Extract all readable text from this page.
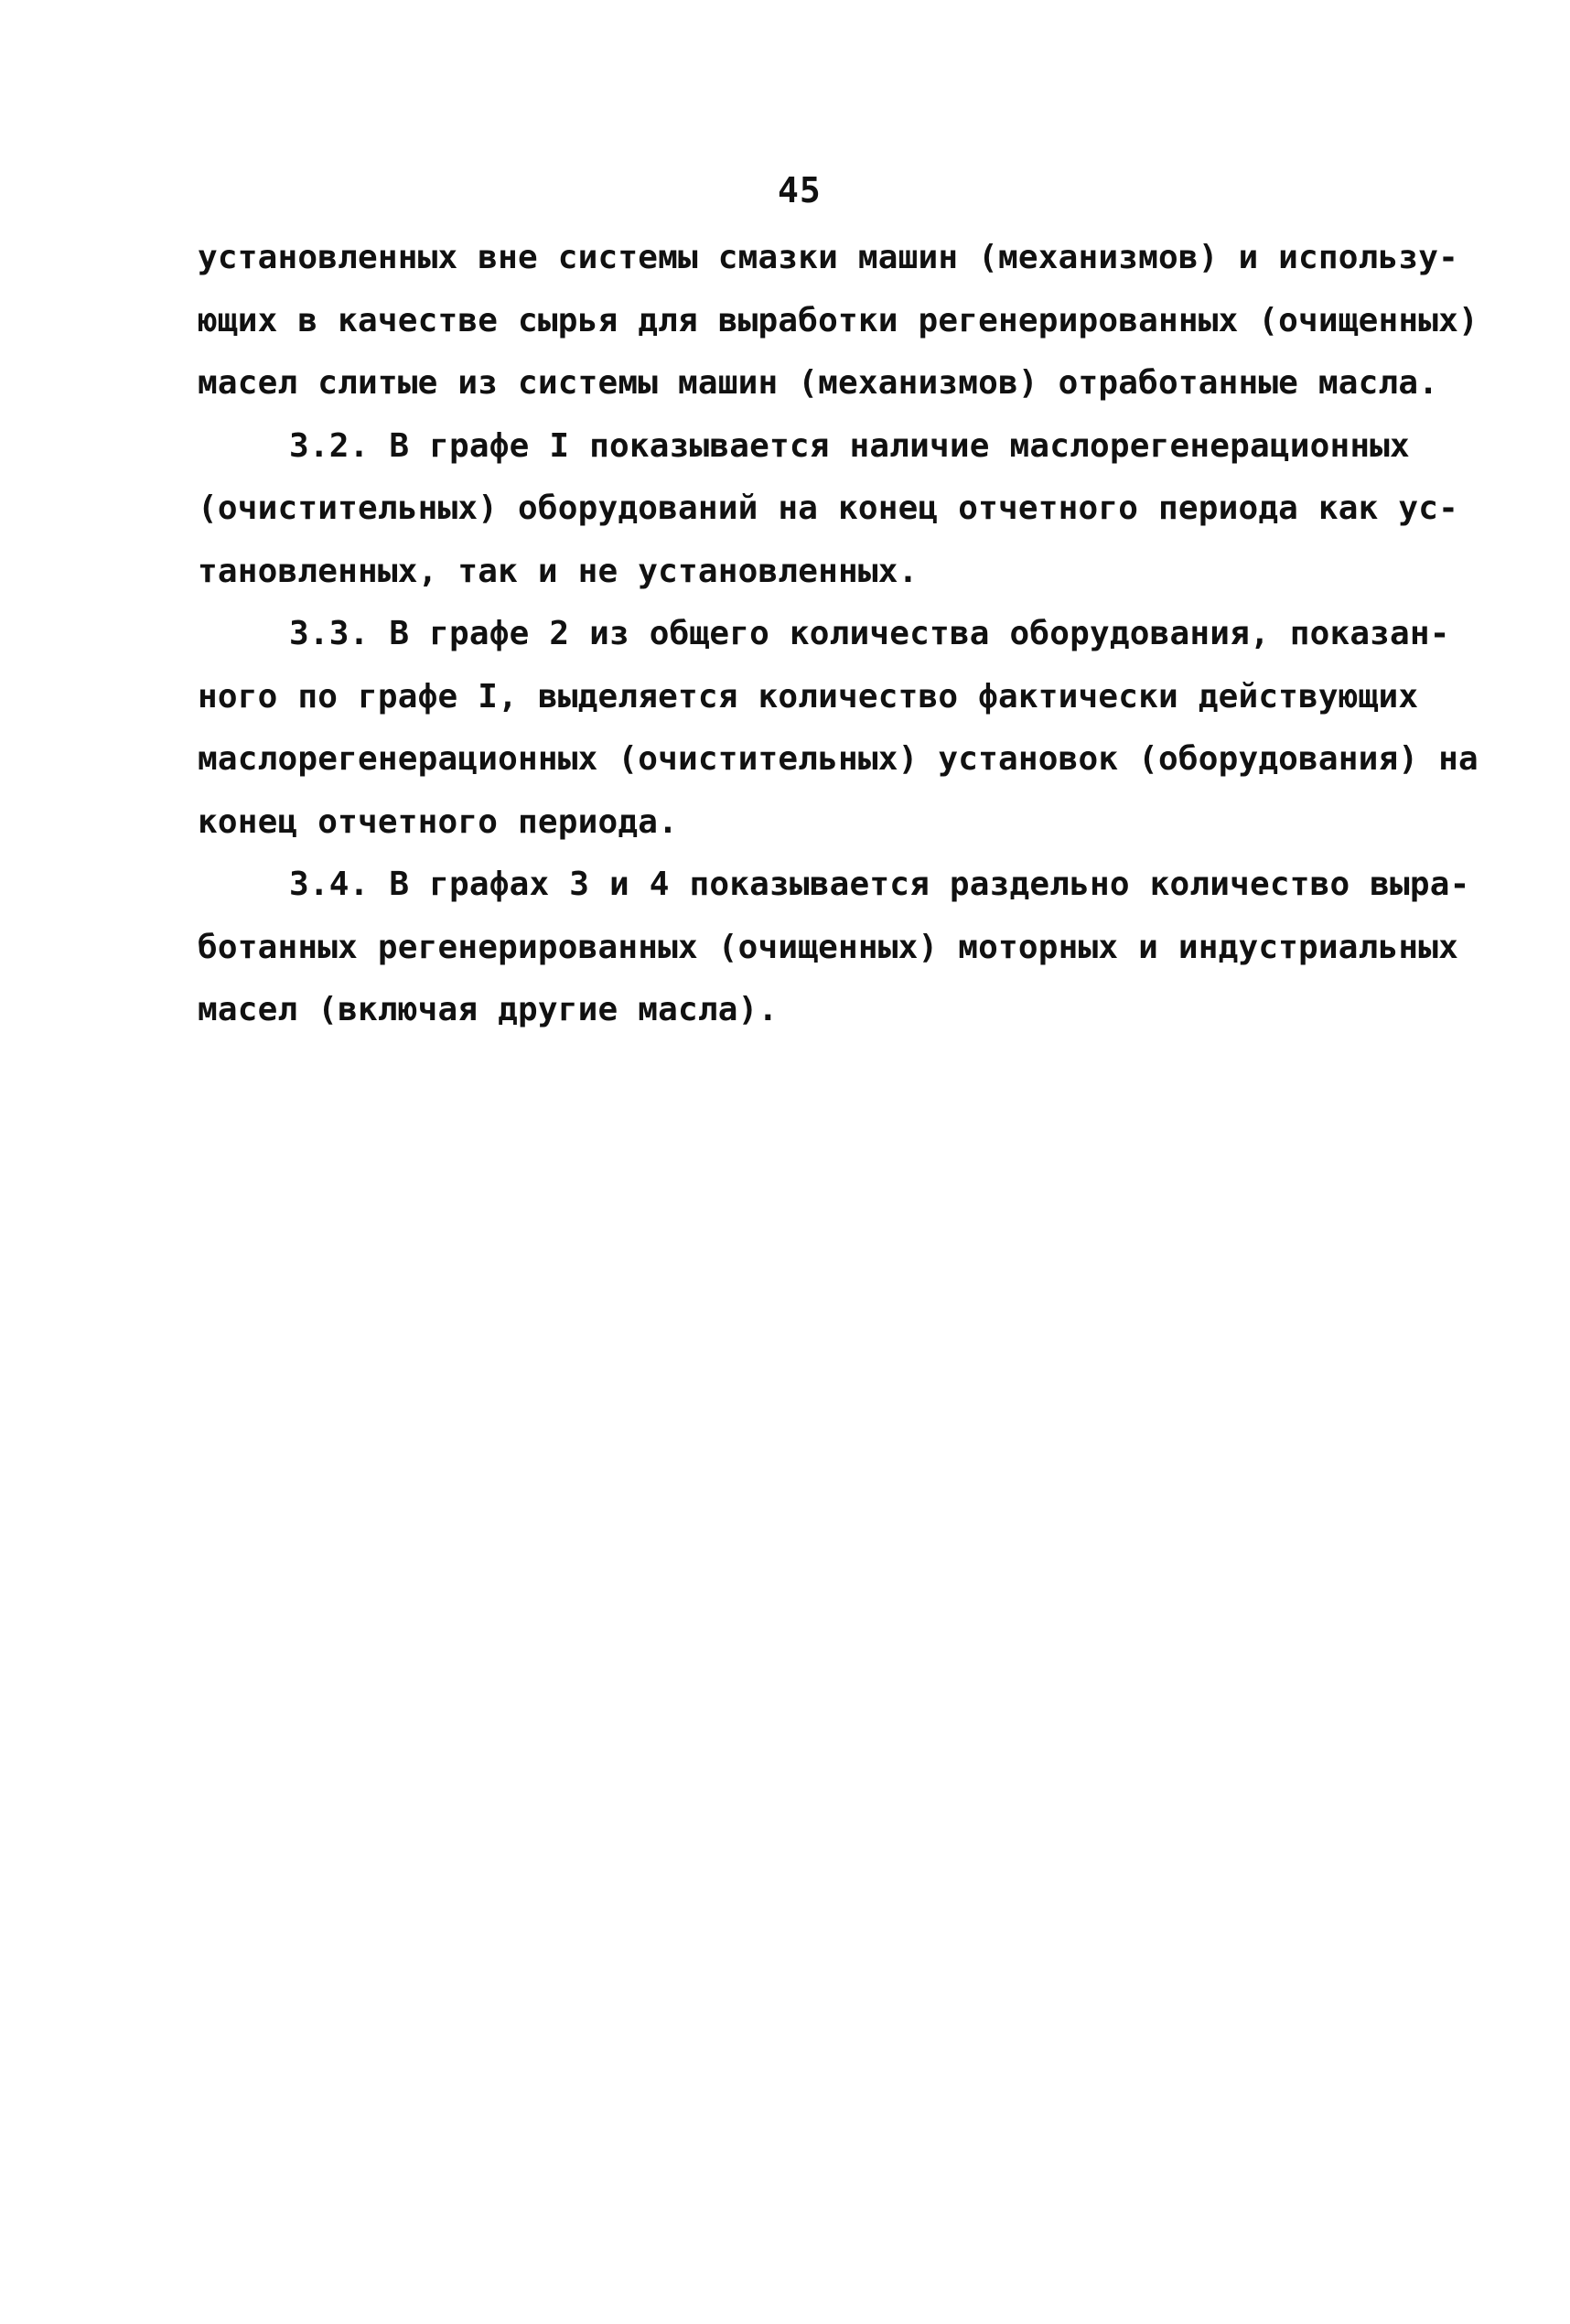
45
установленных вне системы смазки машин (механизмов) и использу-
ющих в качестве сырья для выработки регенерированных (очищенных)
масел слитые из системы машин (механизмов) отработанные масла.
3.2. В графе I показывается наличие маслорегенерационных
(очистительных) оборудований на конец отчетного периода как ус-
тановленных, так и не установленных.
3.3. В графе 2 из общего количества оборудования, показан-
ного по графе I, выделяется количество фактически действующих
маслорегенерационных (очистительных) установок (оборудования) на
конец отчетного периода.
3.4. В графах 3 и 4 показывается раздельно количество выра-
ботанных регенерированных (очищенных) моторных и индустриальных
масел (включая другие масла).
